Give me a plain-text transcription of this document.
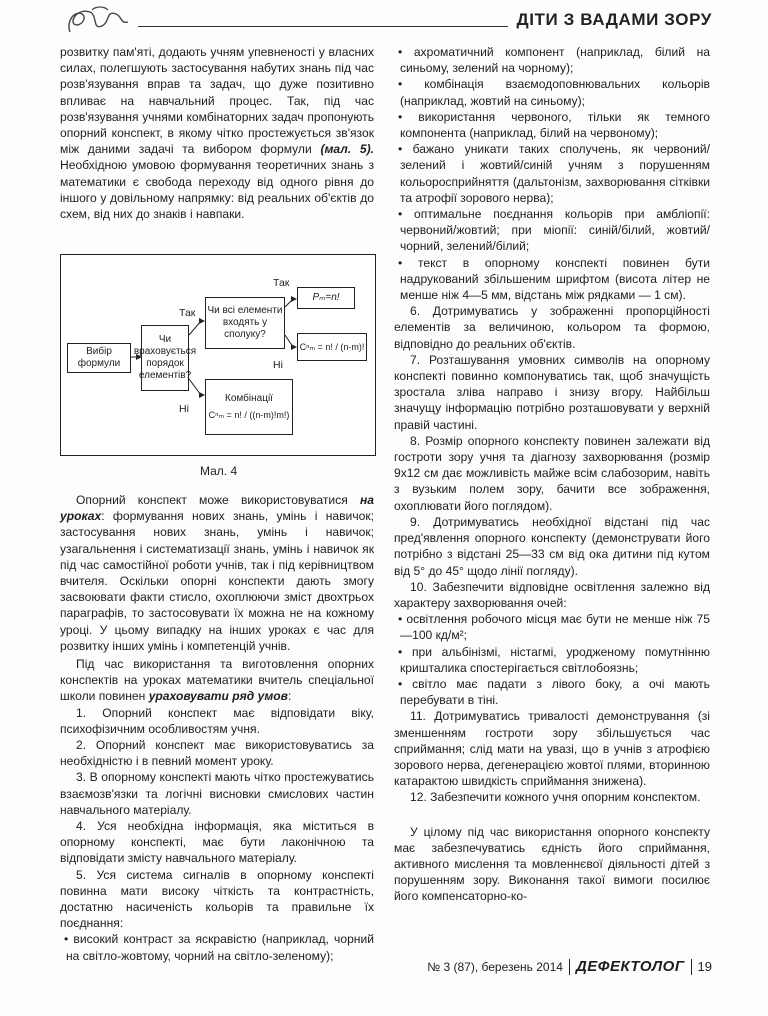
ДІТИ З ВАДАМИ ЗОРУ

розвитку пам'яті, додають учням упевненості у власних силах, полегшують застосування набутих знань під час розв'язування вправ та задач, що дуже позитивно впливає на навчальний процес. Так, під час розв'язування учнями комбінаторних задач пропонують опорний конспект, в якому чітко простежується зв'язок між даними задачі та вибором формули (мал. 5). Необхідною умовою формування теоретичних знань з математики є свобода переходу від одного рівня до іншого у довільному напрямку: від реальних об'єктів до схем, від них до знаків і навпаки.

Вибір формули
Чи враховується порядок елементів?
Чи всі елементи входять у сполуку?
Комбінації
Cⁿₘ = n! / ((n-m)!m!)
Pₘ=n!
Cⁿₘ = n! / (n-m)!
Так
Ні
Так
Ні
Мал. 4

Опорний конспект може використовуватися на уроках: формування нових знань, умінь і навичок; застосування нових знань, умінь і навичок; узагальнення і систематизації знань, умінь і навичок як під час самостійної роботи учнів, так і під керівництвом вчителя. Оскільки опорні конспекти дають змогу засвоювати факти стисло, охоплюючи зміст двохтрьох параграфів, то застосовувати їх можна не на кожному уроці. У цьому випадку на інших уроках є час для розвитку інших умінь і компетенцій учнів.

Під час використання та виготовлення опорних конспектів на уроках математики вчитель спеціальної школи повинен ураховувати ряд умов:

1. Опорний конспект має відповідати віку, психофізичним особливостям учня.

2. Опорний конспект має використовуватись за необхідністю і в певний момент уроку.

3. В опорному конспекті мають чітко простежуватись взаємозв'язки та логічні висновки смислових частин навчального матеріалу.

4. Уся необхідна інформація, яка міститься в опорному конспекті, має бути лаконічною та відповідати змісту навчального матеріалу.

5. Уся система сигналів в опорному конспекті повинна мати високу чіткість та контрастність, достатню насиченість кольорів та правильне їх поєднання:

• високий контраст за яскравістю (наприклад, чорний на світло-жовтому, чорний на світло-зеленому);

• ахроматичний компонент (наприклад, білий на синьому, зелений на чорному);

• комбінація взаємодоповнювальних кольорів (наприклад, жовтий на синьому);

• використання червоного, тільки як темного компонента (наприклад, білий на червоному);

• бажано уникати таких сполучень, як червоний/зелений і жовтий/синій учням з порушенням кольоросприйняття (дальтонізм, захворювання сітківки та атрофії зорового нерва);

• оптимальне поєднання кольорів при амбліопії: червоний/жовтий; при міопії: синій/білий, жовтий/чорний, зелений/білий;

• текст в опорному конспекті повинен бути надрукований збільшеним шрифтом (висота літер не менше ніж 4—5 мм, відстань між рядками — 1 см).

6. Дотримуватись у зображенні пропорційності елементів за величиною, кольором та формою, відповідно до реальних об'єктів.

7. Розташування умовних символів на опорному конспекті повинно компонуватись так, щоб значущість зростала зліва направо і знизу вгору. Найбільш значущу інформацію потрібно розташовувати у верхній правій частині.

8. Розмір опорного конспекту повинен залежати від гостроти зору учня та діагнозу захворювання (розмір 9х12 см дає можливість майже всім слабозорим, навіть з вузьким полем зору, бачити все зображення, охоплювати його поглядом).

9. Дотримуватись необхідної відстані під час пред'явлення опорного конспекту (демонструвати його потрібно з відстані 25—33 см від ока дитини під кутом від 5° до 45° щодо лінії погляду).

10. Забезпечити відповідне освітлення залежно від характеру захворювання очей:

• освітлення робочого місця має бути не менше ніж 75—100 кд/м²;

• при альбінізмі, ністагмі, уродженому помутнінню кришталика спостерігається світлобоязнь;

• світло має падати з лівого боку, а очі мають перебувати в тіні.

11. Дотримуватись тривалості демонстрування (зі зменшенням гостроти зору збільшується час сприймання; слід мати на увазі, що в учнів з атрофією зорового нерва, дегенерацією жовтої плями, вторинною катарактою швидкість сприймання знижена).

12. Забезпечити кожного учня опорним конспектом.

У цілому під час використання опорного конспекту має забезпечуватись єдність його сприймання, активного мислення та мовленнєвої діяльності дітей з порушенням зору. Виконання такої вимоги посилює його компенсаторно-ко-

№ 3 (87), березень 2014 ДЕФЕКТОЛОГ 19
